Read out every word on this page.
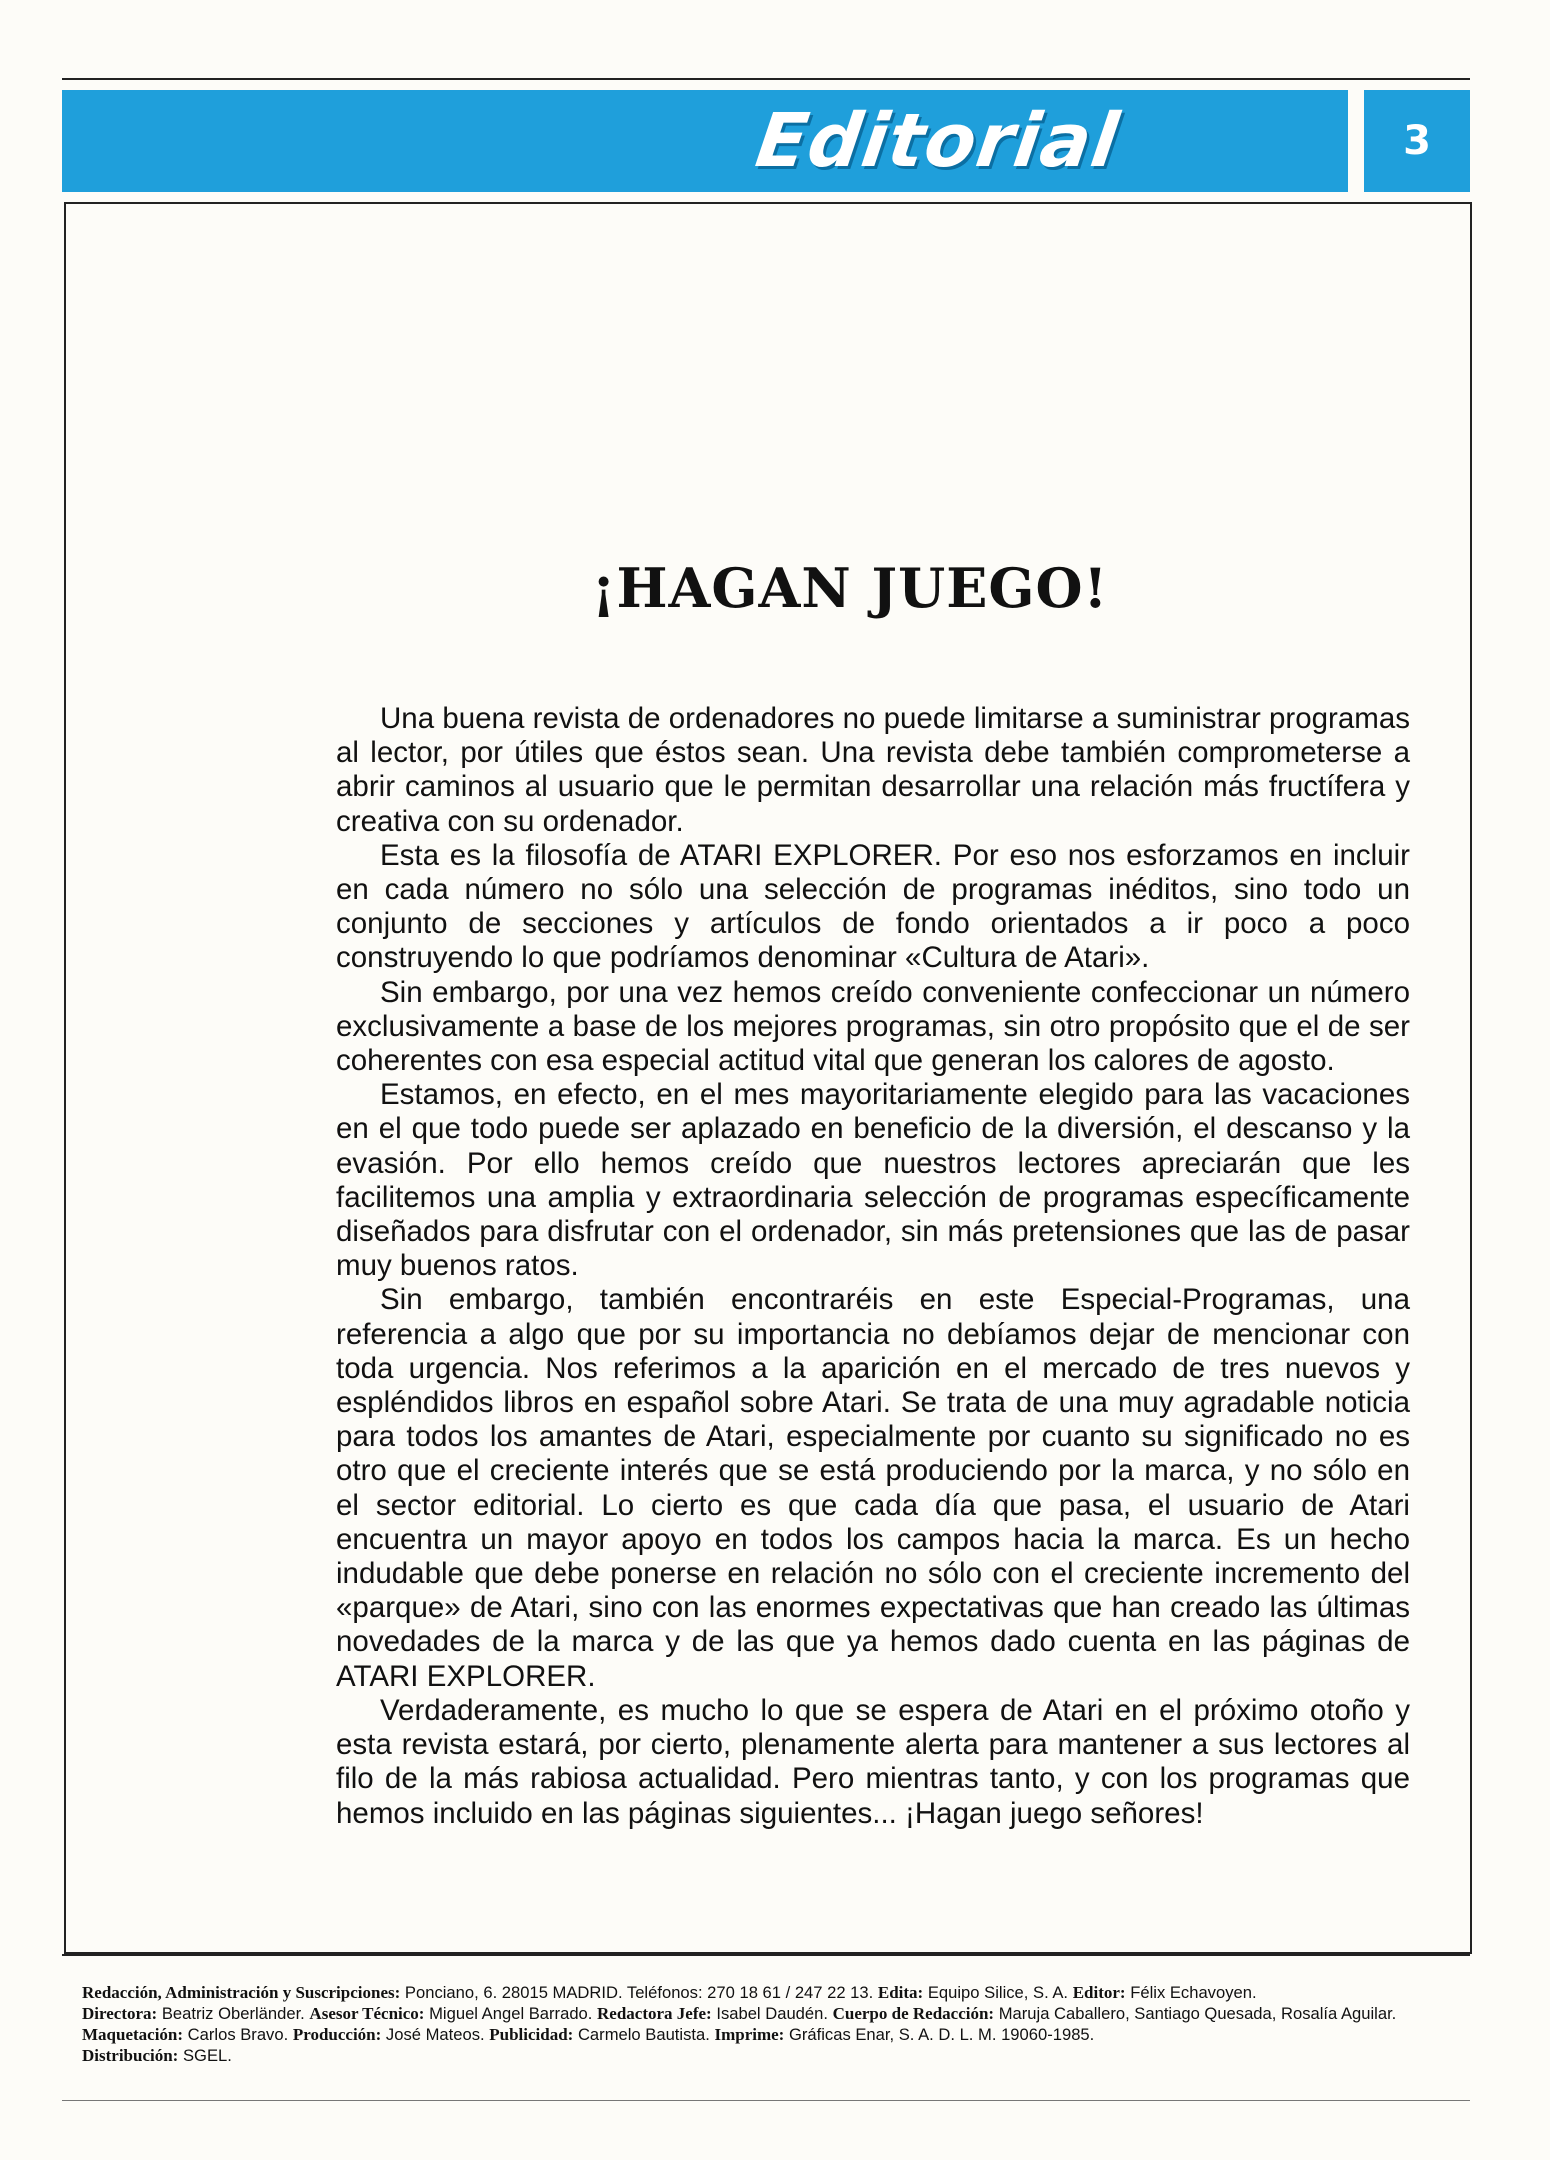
Editorial	3
¡HAGAN JUEGO!

Una buena revista de ordenadores no puede limitarse a suministrar programas al lector, por útiles que éstos sean. Una revista debe también comprometerse a abrir caminos al usuario que le permitan desarrollar una relación más fructífera y creativa con su ordenador.

Esta es la filosofía de ATARI EXPLORER. Por eso nos esforzamos en incluir en cada número no sólo una selección de programas inéditos, sino todo un conjunto de secciones y artículos de fondo orientados a ir poco a poco construyendo lo que podríamos denominar «Cultura de Atari».

Sin embargo, por una vez hemos creído conveniente confeccionar un número exclusivamente a base de los mejores programas, sin otro propósito que el de ser coherentes con esa especial actitud vital que generan los calores de agosto.

Estamos, en efecto, en el mes mayoritariamente elegido para las vacaciones en el que todo puede ser aplazado en beneficio de la diversión, el descanso y la evasión. Por ello hemos creído que nuestros lectores apreciarán que les facilitemos una amplia y extraordinaria selección de programas específicamente diseñados para disfrutar con el ordenador, sin más pretensiones que las de pasar muy buenos ratos.

Sin embargo, también encontraréis en este Especial-Programas, una referencia a algo que por su importancia no debíamos dejar de mencionar con toda urgencia. Nos referimos a la aparición en el mercado de tres nuevos y espléndidos libros en español sobre Atari. Se trata de una muy agradable noticia para todos los amantes de Atari, especialmente por cuanto su significado no es otro que el creciente interés que se está produciendo por la marca, y no sólo en el sector editorial. Lo cierto es que cada día que pasa, el usuario de Atari encuentra un mayor apoyo en todos los campos hacia la marca. Es un hecho indudable que debe ponerse en relación no sólo con el creciente incremento del «parque» de Atari, sino con las enormes expectativas que han creado las últimas novedades de la marca y de las que ya hemos dado cuenta en las páginas de ATARI EXPLORER.

Verdaderamente, es mucho lo que se espera de Atari en el próximo otoño y esta revista estará, por cierto, plenamente alerta para mantener a sus lectores al filo de la más rabiosa actualidad. Pero mientras tanto, y con los programas que hemos incluido en las páginas siguientes... ¡Hagan juego señores!

Redacción, Administración y Suscripciones: Ponciano, 6. 28015 MADRID. Teléfonos: 270 18 61 / 247 22 13. Edita: Equipo Silice, S. A. Editor: Félix Echavoyen.
Directora: Beatriz Oberländer. Asesor Técnico: Miguel Angel Barrado. Redactora Jefe: Isabel Daudén. Cuerpo de Redacción: Maruja Caballero, Santiago Quesada, Rosalía Aguilar. Maquetación: Carlos Bravo. Producción: José Mateos. Publicidad: Carmelo Bautista. Imprime: Gráficas Enar, S. A. D. L. M. 19060-1985.
Distribución: SGEL.
